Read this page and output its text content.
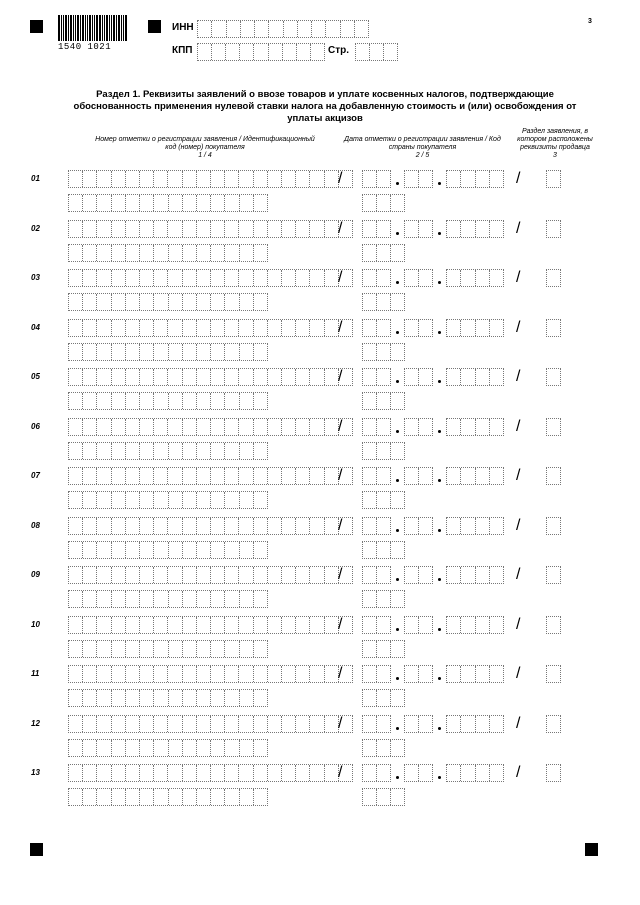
1540 1021
3
ИНН
КПП	Стр.
Раздел 1. Реквизиты заявлений о ввозе товаров и уплате косвенных налогов, подтверждающие обоснованность применения нулевой ставки налога на добавленную стоимость и (или) освобождения от уплаты акцизов
Номер отметки о регистрации заявления / Идентификационный код (номер) покупателя
1 / 4
Дата отметки о регистрации заявления / Код страны покупателя
2 / 5
Раздел заявления, в котором расположены реквизиты продавца
3
01	/	/
02	/	/
03	/	/
04	/	/
05	/	/
06	/	/
07	/	/
08	/	/
09	/	/
10	/	/
11	/	/
12	/	/
13	/	/
